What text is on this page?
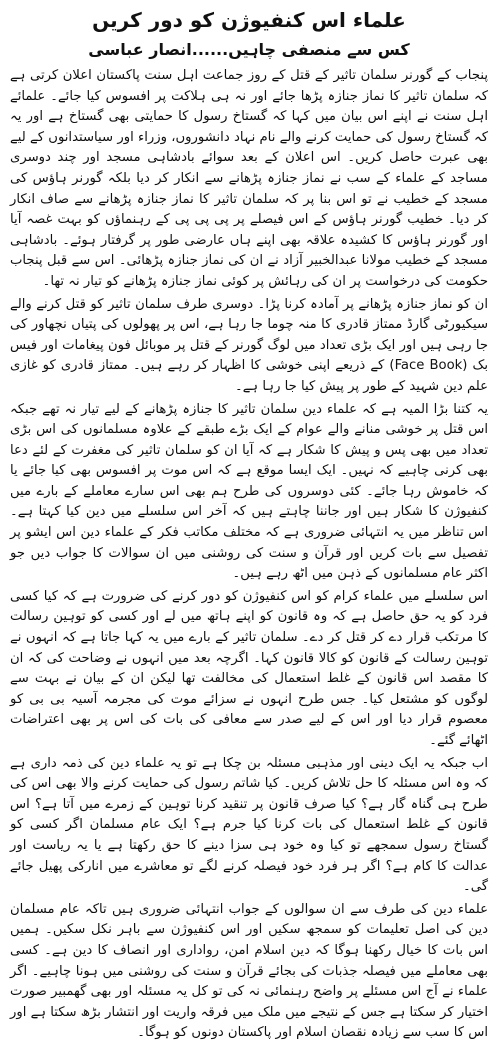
علماء اس کنفیوژن کو دور کریں
کس سے منصفی چاہیں......انصار عباسی

پنجاب کے گورنر سلمان تاثیر کے قتل کے روز جماعت اہل سنت پاکستان اعلان کرتی ہے کہ سلمان تاثیر کا نماز جنازہ پڑھا جائے اور نہ ہی ہلاکت پر افسوس کیا جائے۔ علمائے اہل سنت نے اپنے اس بیان میں کہا کہ گستاخ رسول کا حمایتی بھی گستاخ ہے اور یہ کہ گستاخ رسول کی حمایت کرنے والے نام نہاد دانشوروں، وزراء اور سیاستدانوں کے لیے بھی عبرت حاصل کریں۔ اس اعلان کے بعد سوائے بادشاہی مسجد اور چند دوسری مساجد کے علماء کے سب نے نماز جنازہ پڑھانے سے انکار کر دیا بلکہ گورنر ہاؤس کی مسجد کے خطیب نے تو اس بنا پر کہ سلمان تاثیر کا نماز جنازہ پڑھانے سے صاف انکار کر دیا۔ خطیب گورنر ہاؤس کے اس فیصلے پر پی پی پی کے رہنماؤں کو بہت غصہ آیا اور گورنر ہاؤس کا کشیدہ علاقہ بھی اپنے ہاں عارضی طور پر گرفتار ہوئے۔ بادشاہی مسجد کے خطیب مولانا عبدالخبیر آزاد نے ان کی نماز جنازہ پڑھائی۔ اس سے قبل پنجاب حکومت کی درخواست پر ان کی رہائش پر کوئی نماز جنازہ پڑھانے کو تیار نہ تھا۔

ان کو نماز جنازہ پڑھانے پر آمادہ کرنا پڑا۔ دوسری طرف سلمان تاثیر کو قتل کرنے والے سیکیورٹی گارڈ ممتاز قادری کا منہ چوما جا رہا ہے، اس پر پھولوں کی پتیاں نچھاور کی جا رہی ہیں اور ایک بڑی تعداد میں لوگ گورنر کے قتل پر موبائل فون پیغامات اور فیس بک (Face Book) کے ذریعے اپنی خوشی کا اظہار کر رہے ہیں۔ ممتاز قادری کو غازی علم دین شہید کے طور پر پیش کیا جا رہا ہے۔

یہ کتنا بڑا المیہ ہے کہ علماء دین سلمان تاثیر کا جنازہ پڑھانے کے لیے تیار نہ تھے جبکہ اس قتل پر خوشی منانے والے عوام کے ایک بڑے طبقے کے علاوہ مسلمانوں کی اس بڑی تعداد میں بھی پس و پیش کا شکار ہے کہ آیا ان کو سلمان تاثیر کی مغفرت کے لئے دعا بھی کرنی چاہیے کہ نہیں۔ ایک ایسا موقع ہے کہ اس موت پر افسوس بھی کیا جائے یا کہ خاموش رہا جائے۔ کئی دوسروں کی طرح ہم بھی اس سارے معاملے کے بارے میں کنفیوژن کا شکار ہیں اور جاننا چاہتے ہیں کہ آخر اس سلسلے میں دین کیا کہتا ہے۔ اس تناظر میں یہ انتہائی ضروری ہے کہ مختلف مکاتب فکر کے علماء دین اس ایشو پر تفصیل سے بات کریں اور قرآن و سنت کی روشنی میں ان سوالات کا جواب دیں جو اکثر عام مسلمانوں کے ذہن میں اٹھ رہے ہیں۔

اس سلسلے میں علماء کرام کو اس کنفیوژن کو دور کرنے کی ضرورت ہے کہ کیا کسی فرد کو یہ حق حاصل ہے کہ وہ قانون کو اپنے ہاتھ میں لے اور کسی کو توہین رسالت کا مرتکب قرار دے کر قتل کر دے۔ سلمان تاثیر کے بارے میں یہ کہا جاتا ہے کہ انہوں نے توہین رسالت کے قانون کو کالا قانون کہا۔ اگرچہ بعد میں انہوں نے وضاحت کی کہ ان کا مقصد اس قانون کے غلط استعمال کی مخالفت تھا لیکن ان کے بیان نے بہت سے لوگوں کو مشتعل کیا۔ جس طرح انہوں نے سزائے موت کی مجرمہ آسیہ بی بی کو معصوم قرار دیا اور اس کے لیے صدر سے معافی کی بات کی اس پر بھی اعتراضات اٹھائے گئے۔

اب جبکہ یہ ایک دینی اور مذہبی مسئلہ بن چکا ہے تو یہ علماء دین کی ذمہ داری ہے کہ وہ اس مسئلہ کا حل تلاش کریں۔ کیا شاتم رسول کی حمایت کرنے والا بھی اس کی طرح ہی گناہ گار ہے؟ کیا صرف قانون پر تنقید کرنا توہین کے زمرے میں آتا ہے؟ اس قانون کے غلط استعمال کی بات کرنا کیا جرم ہے؟ ایک عام مسلمان اگر کسی کو گستاخ رسول سمجھے تو کیا وہ خود ہی سزا دینے کا حق رکھتا ہے یا یہ ریاست اور عدالت کا کام ہے؟ اگر ہر فرد خود فیصلہ کرنے لگے تو معاشرے میں انارکی پھیل جائے گی۔

علماء دین کی طرف سے ان سوالوں کے جواب انتہائی ضروری ہیں تاکہ عام مسلمان دین کی اصل تعلیمات کو سمجھ سکیں اور اس کنفیوژن سے باہر نکل سکیں۔ ہمیں اس بات کا خیال رکھنا ہوگا کہ دین اسلام امن، رواداری اور انصاف کا دین ہے۔ کسی بھی معاملے میں فیصلہ جذبات کی بجائے قرآن و سنت کی روشنی میں ہونا چاہیے۔ اگر علماء نے آج اس مسئلے پر واضح رہنمائی نہ کی تو کل یہ مسئلہ اور بھی گھمبیر صورت اختیار کر سکتا ہے جس کے نتیجے میں ملک میں فرقہ واریت اور انتشار بڑھ سکتا ہے اور اس کا سب سے زیادہ نقصان اسلام اور پاکستان دونوں کو ہوگا۔
